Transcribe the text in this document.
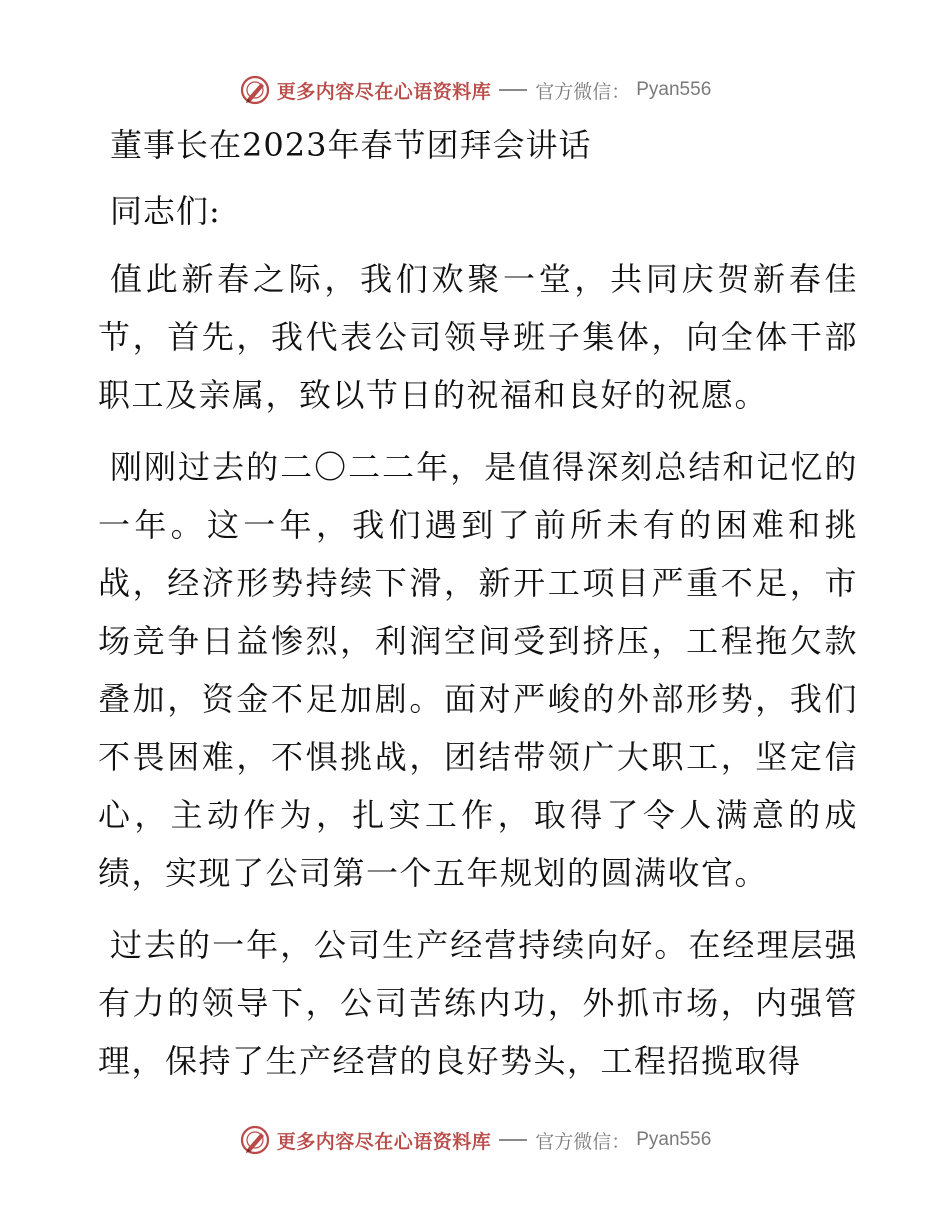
更多内容尽在心语资料库 官方微信： Pyan556
董事长在2023年春节团拜会讲话

同志们:

值此新春之际，我们欢聚一堂，共同庆贺新春佳节，首先，我代表公司领导班子集体，向全体干部职工及亲属，致以节日的祝福和良好的祝愿。

刚刚过去的二〇二二年，是值得深刻总结和记忆的一年。这一年，我们遇到了前所未有的困难和挑战，经济形势持续下滑，新开工项目严重不足，市场竞争日益惨烈，利润空间受到挤压，工程拖欠款叠加，资金不足加剧。面对严峻的外部形势，我们不畏困难，不惧挑战，团结带领广大职工，坚定信心，主动作为，扎实工作，取得了令人满意的成绩，实现了公司第一个五年规划的圆满收官。

过去的一年，公司生产经营持续向好。在经理层强有力的领导下，公司苦练内功，外抓市场，内强管理，保持了生产经营的良好势头，工程招揽取得

更多内容尽在心语资料库 官方微信： Pyan556
